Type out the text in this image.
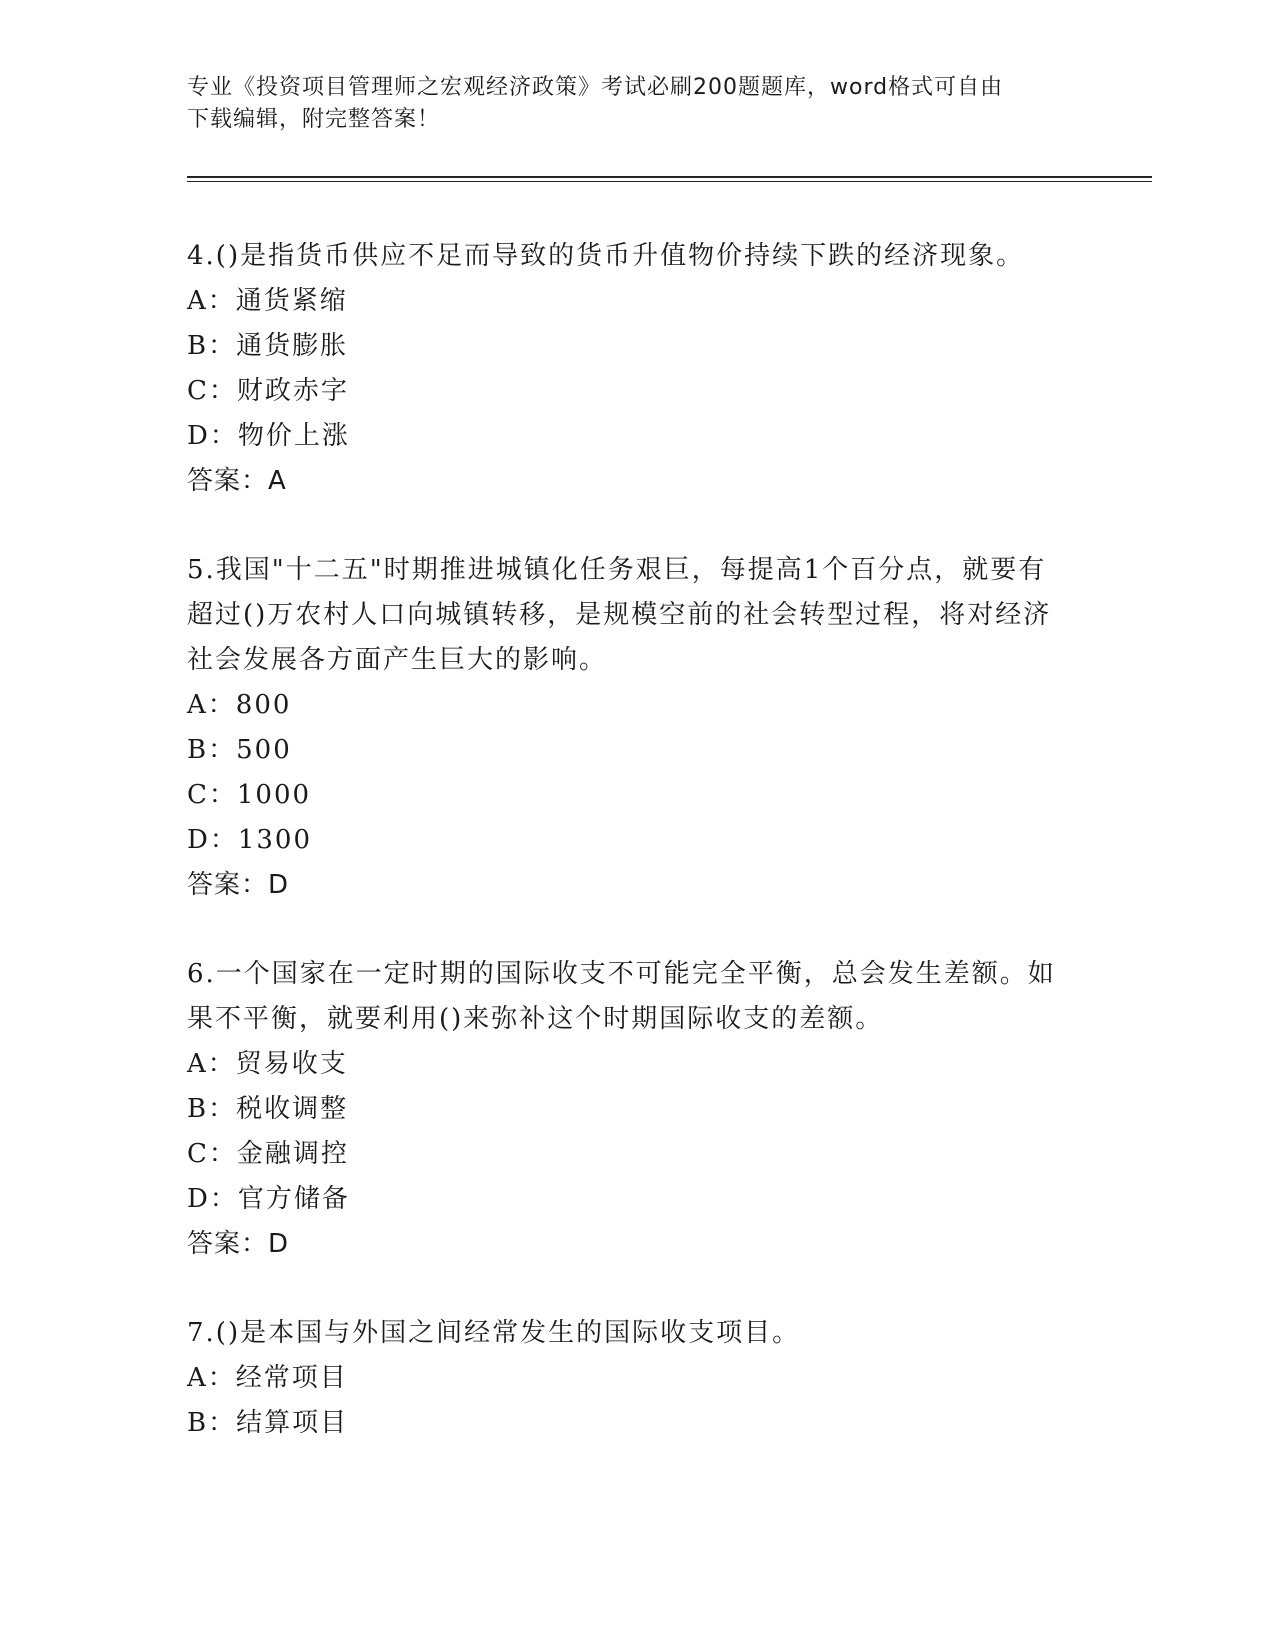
专业《投资项目管理师之宏观经济政策》考试必刷200题题库，word格式可自由
下载编辑，附完整答案！

4.()是指货币供应不足而导致的货币升值物价持续下跌的经济现象。

A：通货紧缩

B：通货膨胀

C：财政赤字

D：物价上涨

答案：A

5.我国"十二五"时期推进城镇化任务艰巨，每提高1个百分点，就要有超过()万农村人口向城镇转移，是规模空前的社会转型过程，将对经济社会发展各方面产生巨大的影响。

A：800

B：500

C：1000

D：1300

答案：D

6.一个国家在一定时期的国际收支不可能完全平衡，总会发生差额。如果不平衡，就要利用()来弥补这个时期国际收支的差额。

A：贸易收支

B：税收调整

C：金融调控

D：官方储备

答案：D

7.()是本国与外国之间经常发生的国际收支项目。

A：经常项目

B：结算项目
